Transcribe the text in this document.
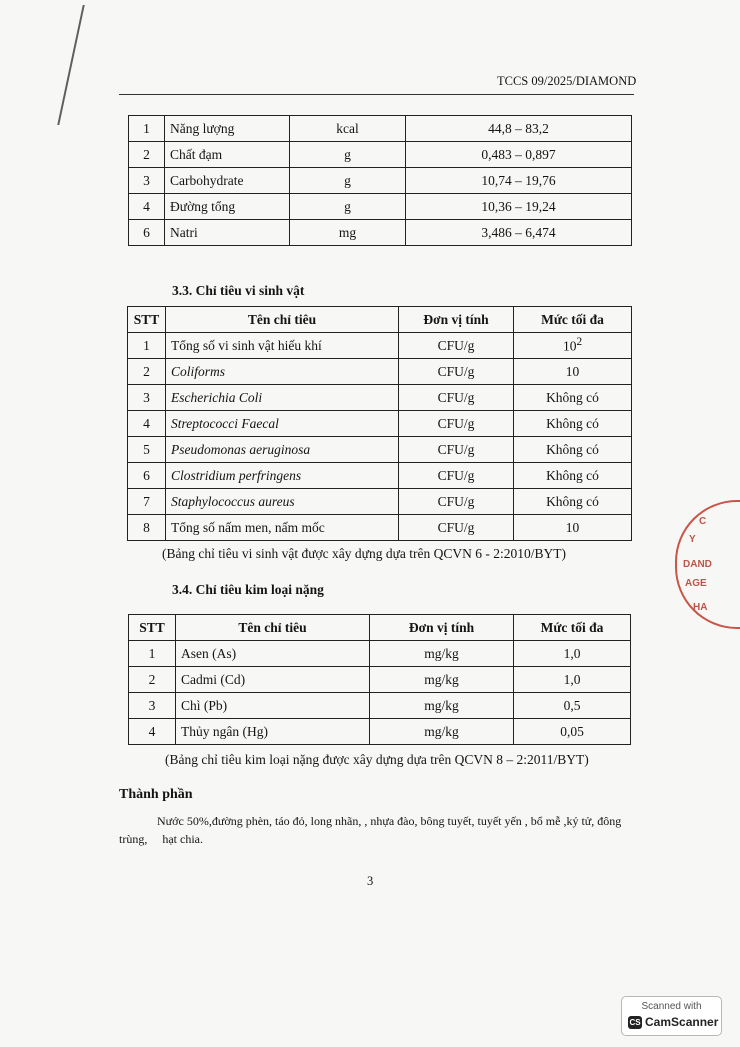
TCCS 09/2025/DIAMOND
1	Năng lượng	kcal	44,8 – 83,2
2	Chất đạm	g	0,483 – 0,897
3	Carbohydrate	g	10,74 – 19,76
4	Đường tổng	g	10,36 – 19,24
6	Natri	mg	3,486 – 6,474
3.3. Chỉ tiêu vi sinh vật
STT	Tên chỉ tiêu	Đơn vị tính	Mức tối đa
1	Tổng số vi sinh vật hiếu khí	CFU/g	$10^2$
2	Coliforms	CFU/g	10
3	Escherichia Coli	CFU/g	Không có
4	Streptococci Faecal	CFU/g	Không có
5	Pseudomonas aeruginosa	CFU/g	Không có
6	Clostridium perfringens	CFU/g	Không có
7	Staphylococcus aureus	CFU/g	Không có
8	Tổng số nấm men, nấm mốc	CFU/g	10
(Bảng chỉ tiêu vi sinh vật được xây dựng dựa trên QCVN 6 - 2:2010/BYT)
3.4. Chỉ tiêu kim loại nặng
STT	Tên chỉ tiêu	Đơn vị tính	Mức tối đa
1	Asen (As)	mg/kg	1,0
2	Cadmi (Cd)	mg/kg	1,0
3	Chì (Pb)	mg/kg	0,5
4	Thủy ngân (Hg)	mg/kg	0,05
(Bảng chỉ tiêu kim loại nặng được xây dựng dựa trên QCVN 8 – 2:2011/BYT)
Thành phần
Nước 50%,đường phèn, táo đỏ, long nhãn, , nhựa đào, bông tuyết, tuyết yến , bổ mễ ,kỷ tử, đông
trùng,     hạt chia.
3
C
Y
DAND
AGE
HA
Scanned with
CS CamScanner
